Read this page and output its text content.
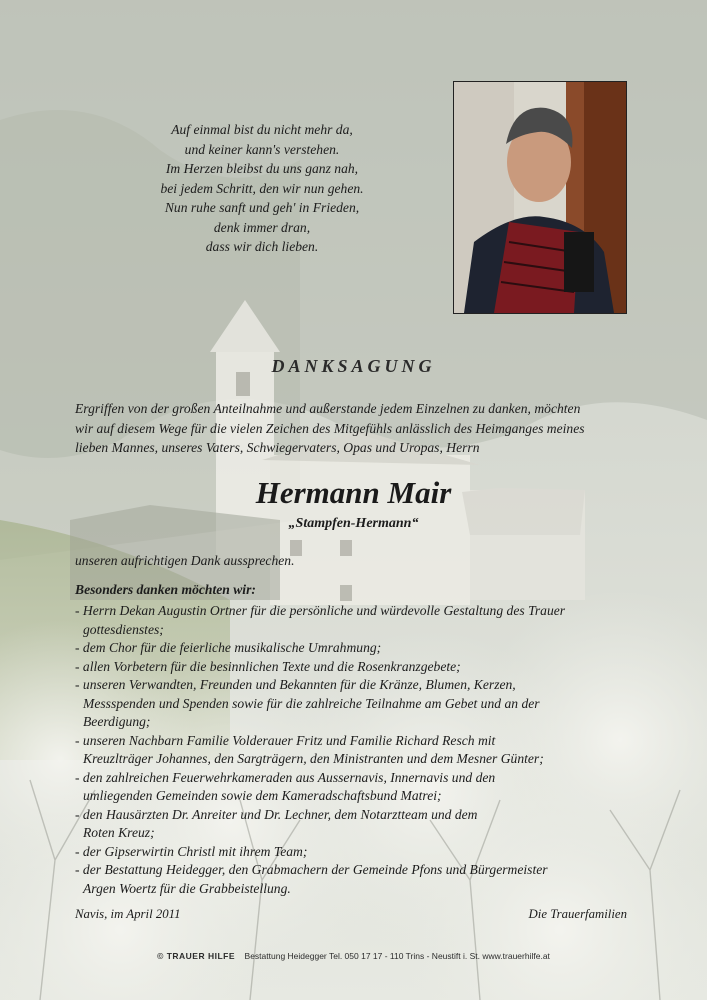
Auf einmal bist du nicht mehr da,
und keiner kann's verstehen.
Im Herzen bleibst du uns ganz nah,
bei jedem Schritt, den wir nun gehen.
Nun ruhe sanft und geh' in Frieden,
denk immer dran,
dass wir dich lieben.
DANKSAGUNG
Ergriffen von der großen Anteilnahme und außerstande jedem Einzelnen zu danken, möchten
wir auf diesem Wege für die vielen Zeichen des Mitgefühls anlässlich des Heimganges meines
lieben Mannes, unseres Vaters, Schwiegervaters, Opas und Uropas, Herrn
Hermann Mair
„Stampfen-Hermann“
unseren aufrichtigen Dank aussprechen.
Besonders danken möchten wir:
- Herrn Dekan Augustin Ortner für die persönliche und würdevolle Gestaltung des Trauer
gottesdienstes;
- dem Chor für die feierliche musikalische Umrahmung;
- allen Vorbetern für die besinnlichen Texte und die Rosenkranzgebete;
- unseren Verwandten, Freunden und Bekannten für die Kränze, Blumen, Kerzen,
Messspenden und Spenden sowie für die zahlreiche Teilnahme am Gebet und an der
Beerdigung;
- unseren Nachbarn Familie Volderauer Fritz und Familie Richard Resch mit
Kreuzlträger Johannes, den Sargträgern, den Ministranten und dem Mesner Günter;
- den zahlreichen Feuerwehrkameraden aus Aussernavis, Innernavis und den
umliegenden Gemeinden sowie dem Kameradschaftsbund Matrei;
- den Hausärzten Dr. Anreiter und Dr. Lechner, dem Notarztteam und dem
Roten Kreuz;
- der Gipserwirtin Christl mit ihrem Team;
- der Bestattung Heidegger, den Grabmachern der Gemeinde Pfons und Bürgermeister
Argen Woertz für die Grabbeistellung.
Navis, im April 2011	Die Trauerfamilien
© TRAUER HILFE Bestattung Heidegger Tel. 050 17 17 - 110 Trins - Neustift i. St. www.trauerhilfe.at
